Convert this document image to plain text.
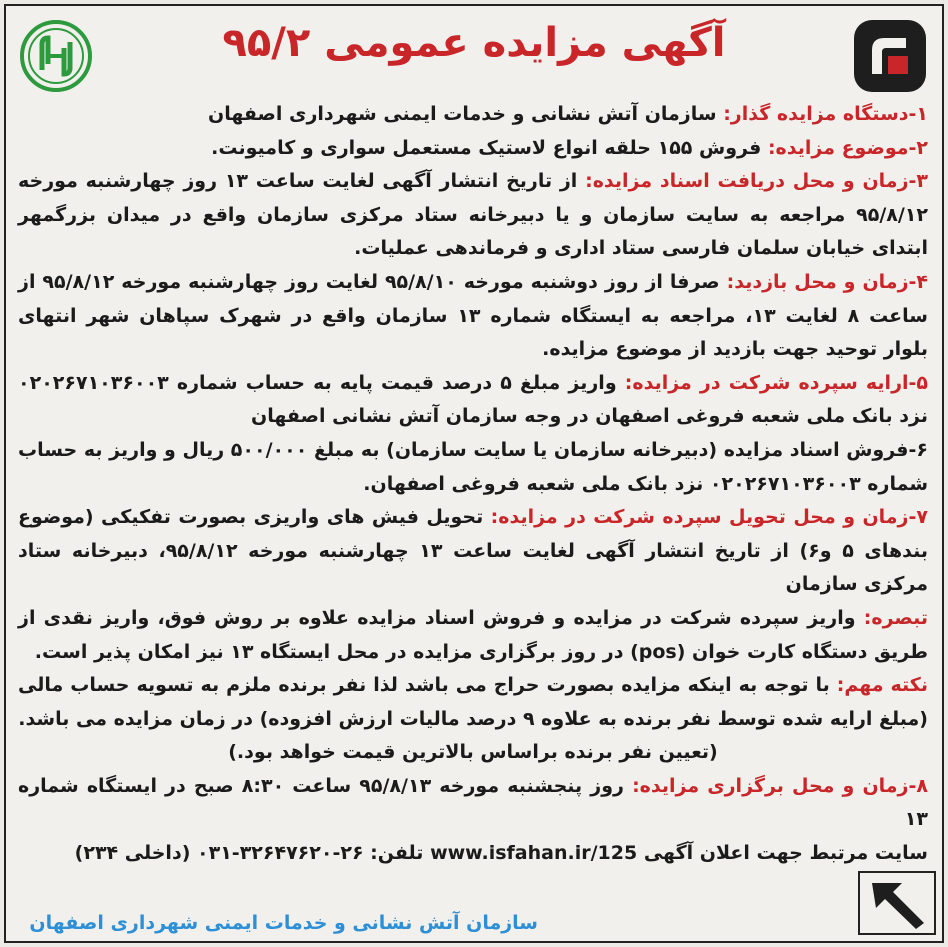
آگهی مزایده عمومی ۹۵/۲
۱-دستگاه مزایده گذار: سازمان آتش نشانی و خدمات ایمنی شهرداری اصفهان
۲-موضوع مزایده: فروش ۱۵۵ حلقه انواع لاستیک مستعمل سواری و کامیونت.
۳-زمان و محل دریافت اسناد مزایده: از تاریخ انتشار آگهی لغایت ساعت ۱۳ روز چهارشنبه مورخه ۹۵/۸/۱۲ مراجعه به سایت سازمان و یا دبیرخانه ستاد مرکزی سازمان واقع در میدان بزرگمهر ابتدای خیابان سلمان فارسی ستاد اداری و فرماندهی عملیات.
۴-زمان و محل بازدید: صرفا از روز دوشنبه مورخه ۹۵/۸/۱۰ لغایت روز چهارشنبه مورخه ۹۵/۸/۱۲ از ساعت ۸ لغایت ۱۳، مراجعه به ایستگاه شماره ۱۳ سازمان واقع در شهرک سپاهان شهر انتهای بلوار توحید جهت بازدید از موضوع مزایده.
۵-ارایه سپرده شرکت در مزایده: واریز مبلغ ۵ درصد قیمت پایه به حساب شماره ۰۲۰۲۶۷۱۰۳۶۰۰۳ نزد بانک ملی شعبه فروغی اصفهان در وجه سازمان آتش نشانی اصفهان
۶-فروش اسناد مزایده (دبیرخانه سازمان یا سایت سازمان) به مبلغ ۵۰۰/۰۰۰ ریال و واریز به حساب شماره ۰۲۰۲۶۷۱۰۳۶۰۰۳ نزد بانک ملی شعبه فروغی اصفهان.
۷-زمان و محل تحویل سپرده شرکت در مزایده: تحویل فیش های واریزی بصورت تفکیکی (موضوع بندهای ۵ و۶) از تاریخ انتشار آگهی لغایت ساعت ۱۳ چهارشنبه مورخه ۹۵/۸/۱۲، دبیرخانه ستاد مرکزی سازمان
تبصره: واریز سپرده شرکت در مزایده و فروش اسناد مزایده علاوه بر روش فوق، واریز نقدی از طریق دستگاه کارت خوان (pos) در روز برگزاری مزایده در محل ایستگاه ۱۳ نیز امکان پذیر است.
نکته مهم: با توجه به اینکه مزایده بصورت حراج می باشد لذا نفر برنده ملزم به تسویه حساب مالی (مبلغ ارایه شده توسط نفر برنده به علاوه ۹ درصد مالیات ارزش افزوده) در زمان مزایده می باشد.
(تعیین نفر برنده براساس بالاترین قیمت خواهد بود.)
۸-زمان و محل برگزاری مزایده: روز پنجشنبه مورخه ۹۵/۸/۱۳ ساعت ۸:۳۰ صبح در ایستگاه شماره ۱۳
سایت مرتبط جهت اعلان آگهی www.isfahan.ir/125 تلفن: ۲۶-۳۲۶۴۷۶۲۰-۰۳۱ (داخلی ۲۳۴)
سازمان آتش نشانی و خدمات ایمنی شهرداری اصفهان
